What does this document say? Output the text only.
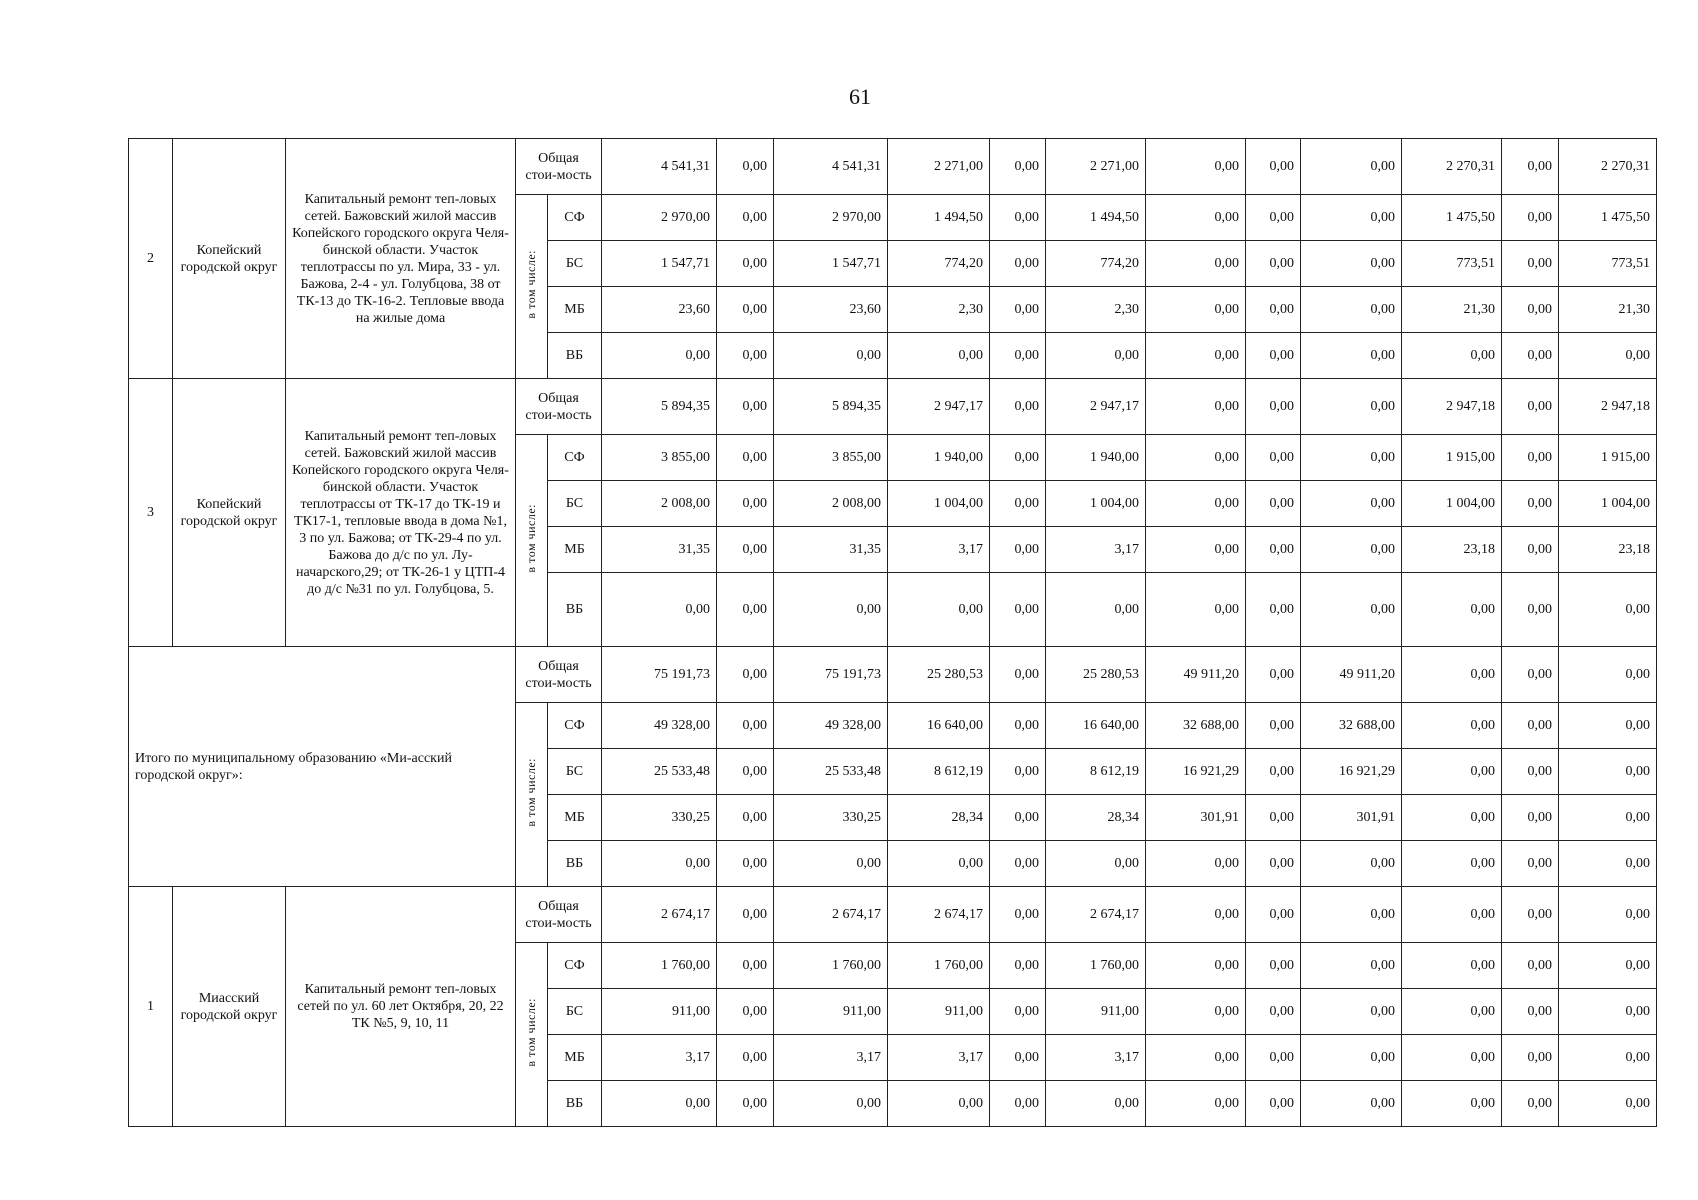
61
2	Копейский городской округ	Капитальный ремонт теп-ловых сетей. Бажовский жилой массив Копейского городского округа Челя-бинской области. Участок теплотрассы по ул. Мира, 33 - ул. Бажова, 2-4 - ул. Голубцова, 38 от ТК-13 до ТК-16-2. Тепловые ввода на жилые дома	Общая стои-мость		4 541,31	0,00	4 541,31	2 271,00	0,00	2 271,00	0,00	0,00	0,00	2 270,31	0,00	2 270,31
			в том числе:	СФ	2 970,00	0,00	2 970,00	1 494,50	0,00	1 494,50	0,00	0,00	0,00	1 475,50	0,00	1 475,50
				БС	1 547,71	0,00	1 547,71	774,20	0,00	774,20	0,00	0,00	0,00	773,51	0,00	773,51
				МБ	23,60	0,00	23,60	2,30	0,00	2,30	0,00	0,00	0,00	21,30	0,00	21,30
				ВБ	0,00	0,00	0,00	0,00	0,00	0,00	0,00	0,00	0,00	0,00	0,00	0,00
3	Копейский городской округ	Капитальный ремонт теп-ловых сетей. Бажовский жилой массив Копейского городского округа Челя-бинской области. Участок теплотрассы от ТК-17 до ТК-19 и ТК17-1, тепловые ввода в дома №1, 3 по ул. Бажова; от ТК-29-4 по ул. Бажова до д/с по ул. Лу-начарского,29; от ТК-26-1 у ЦТП-4 до д/с №31 по ул. Голубцова, 5.	Общая стои-мость		5 894,35	0,00	5 894,35	2 947,17	0,00	2 947,17	0,00	0,00	0,00	2 947,18	0,00	2 947,18
			в том числе:	СФ	3 855,00	0,00	3 855,00	1 940,00	0,00	1 940,00	0,00	0,00	0,00	1 915,00	0,00	1 915,00
				БС	2 008,00	0,00	2 008,00	1 004,00	0,00	1 004,00	0,00	0,00	0,00	1 004,00	0,00	1 004,00
				МБ	31,35	0,00	31,35	3,17	0,00	3,17	0,00	0,00	0,00	23,18	0,00	23,18
				ВБ	0,00	0,00	0,00	0,00	0,00	0,00	0,00	0,00	0,00	0,00	0,00	0,00
Итого по муниципальному образованию «Ми-асский городской округ»:			Общая стои-мость		75 191,73	0,00	75 191,73	25 280,53	0,00	25 280,53	49 911,20	0,00	49 911,20	0,00	0,00	0,00
			в том числе:	СФ	49 328,00	0,00	49 328,00	16 640,00	0,00	16 640,00	32 688,00	0,00	32 688,00	0,00	0,00	0,00
				БС	25 533,48	0,00	25 533,48	8 612,19	0,00	8 612,19	16 921,29	0,00	16 921,29	0,00	0,00	0,00
				МБ	330,25	0,00	330,25	28,34	0,00	28,34	301,91	0,00	301,91	0,00	0,00	0,00
				ВБ	0,00	0,00	0,00	0,00	0,00	0,00	0,00	0,00	0,00	0,00	0,00	0,00
1	Миасский городской округ	Капитальный ремонт теп-ловых сетей по ул. 60 лет Октября, 20, 22 ТК №5, 9, 10, 11	Общая стои-мость		2 674,17	0,00	2 674,17	2 674,17	0,00	2 674,17	0,00	0,00	0,00	0,00	0,00	0,00
			в том числе:	СФ	1 760,00	0,00	1 760,00	1 760,00	0,00	1 760,00	0,00	0,00	0,00	0,00	0,00	0,00
				БС	911,00	0,00	911,00	911,00	0,00	911,00	0,00	0,00	0,00	0,00	0,00	0,00
				МБ	3,17	0,00	3,17	3,17	0,00	3,17	0,00	0,00	0,00	0,00	0,00	0,00
				ВБ	0,00	0,00	0,00	0,00	0,00	0,00	0,00	0,00	0,00	0,00	0,00	0,00
